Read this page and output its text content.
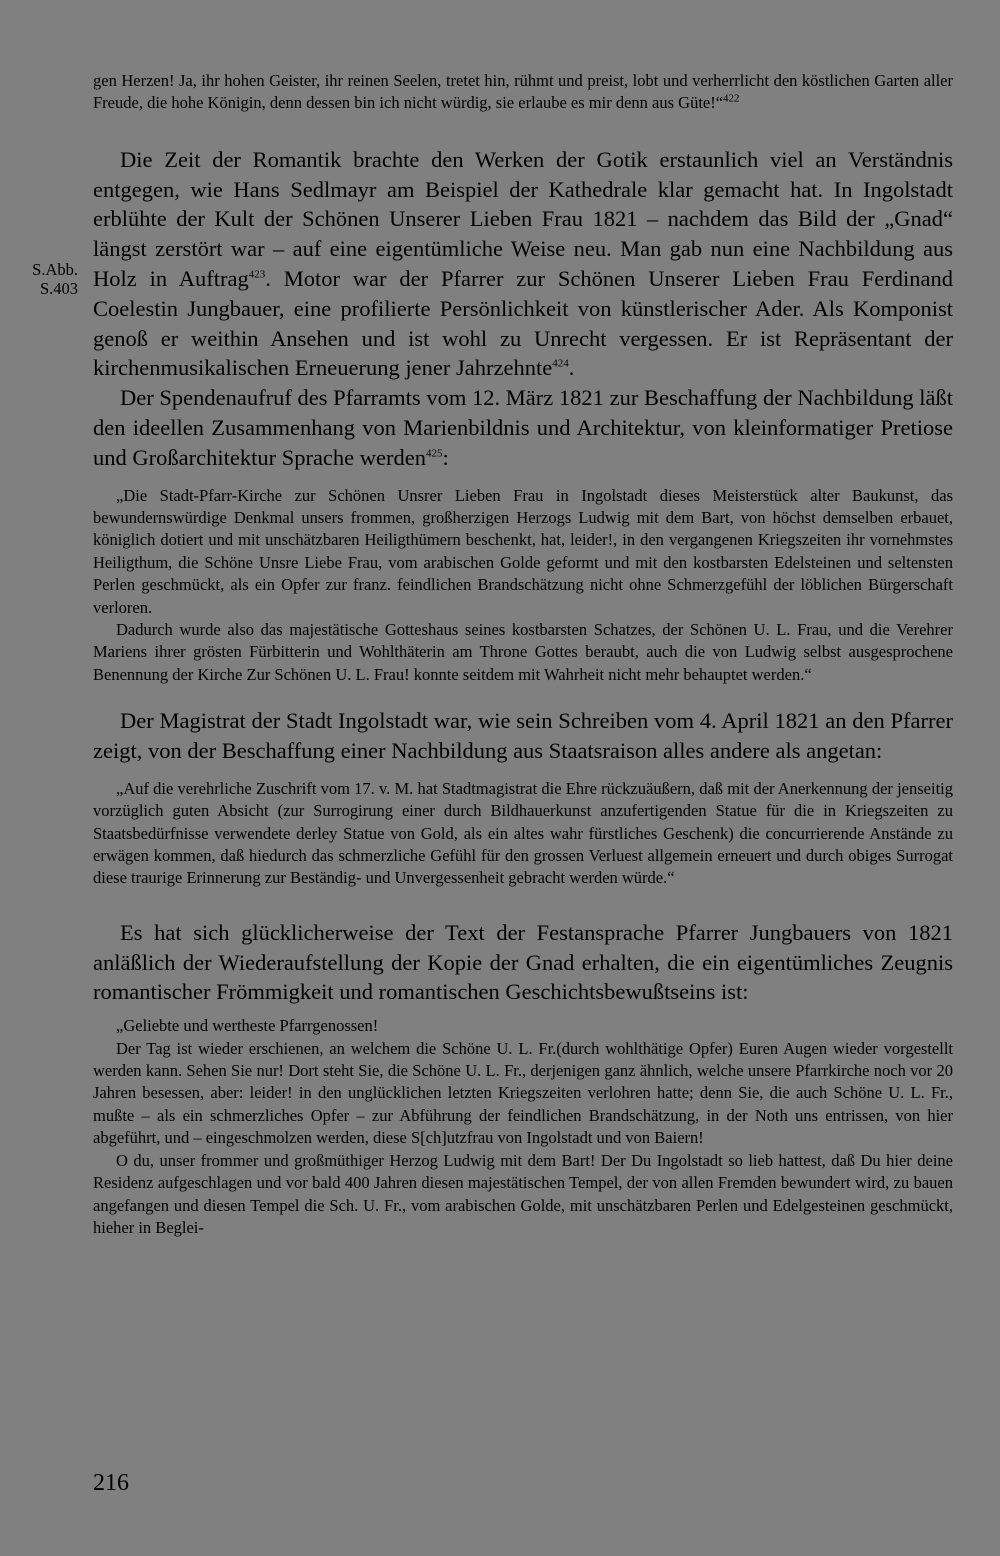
S.Abb.
S.403

gen Herzen! Ja, ihr hohen Geister, ihr reinen Seelen, tretet hin, rühmt und preist, lobt und verherrlicht den köstlichen Garten aller Freude, die hohe Königin, denn dessen bin ich nicht würdig, sie erlaube es mir denn aus Güte!“$^{422}$

Die Zeit der Romantik brachte den Werken der Gotik erstaunlich viel an Verständnis entgegen, wie Hans Sedlmayr am Beispiel der Kathedrale klar gemacht hat. In Ingolstadt erblühte der Kult der Schönen Unserer Lieben Frau 1821 – nachdem das Bild der „Gnad“ längst zerstört war – auf eine eigentümliche Weise neu. Man gab nun eine Nachbildung aus Holz in Auftrag$^{423}$. Motor war der Pfarrer zur Schönen Unserer Lieben Frau Ferdinand Coelestin Jungbauer, eine profilierte Persönlichkeit von künstlerischer Ader. Als Komponist genoß er weithin Ansehen und ist wohl zu Unrecht vergessen. Er ist Repräsentant der kirchenmusikalischen Erneuerung jener Jahrzehnte$^{424}$.

Der Spendenaufruf des Pfarramts vom 12. März 1821 zur Beschaffung der Nachbildung läßt den ideellen Zusammenhang von Marienbildnis und Architektur, von kleinformatiger Pretiose und Großarchitektur Sprache werden$^{425}$:

„Die Stadt-Pfarr-Kirche zur Schönen Unsrer Lieben Frau in Ingolstadt dieses Meisterstück alter Baukunst, das bewundernswürdige Denkmal unsers frommen, großherzigen Herzogs Ludwig mit dem Bart, von höchst demselben erbauet, königlich dotiert und mit unschätzbaren Heiligthümern beschenkt, hat, leider!, in den vergangenen Kriegszeiten ihr vornehmstes Heiligthum, die Schöne Unsre Liebe Frau, vom arabischen Golde geformt und mit den kostbarsten Edelsteinen und seltensten Perlen geschmückt, als ein Opfer zur franz. feindlichen Brandschätzung nicht ohne Schmerzgefühl der löblichen Bürgerschaft verloren.

Dadurch wurde also das majestätische Gotteshaus seines kostbarsten Schatzes, der Schönen U. L. Frau, und die Verehrer Mariens ihrer grösten Fürbitterin und Wohlthäterin am Throne Gottes beraubt, auch die von Ludwig selbst ausgesprochene Benennung der Kirche Zur Schönen U. L. Frau! konnte seitdem mit Wahrheit nicht mehr behauptet werden.“

Der Magistrat der Stadt Ingolstadt war, wie sein Schreiben vom 4. April 1821 an den Pfarrer zeigt, von der Beschaffung einer Nachbildung aus Staatsraison alles andere als angetan:

„Auf die verehrliche Zuschrift vom 17. v. M. hat Stadtmagistrat die Ehre rückzuäußern, daß mit der Anerkennung der jenseitig vorzüglich guten Absicht (zur Surrogirung einer durch Bildhauerkunst anzufertigenden Statue für die in Kriegszeiten zu Staatsbedürfnisse verwendete derley Statue von Gold, als ein altes wahr fürstliches Geschenk) die concurrierende Anstände zu erwägen kommen, daß hiedurch das schmerzliche Gefühl für den grossen Verluest allgemein erneuert und durch obiges Surrogat diese traurige Erinnerung zur Beständig- und Unvergessenheit gebracht werden würde.“

Es hat sich glücklicherweise der Text der Festansprache Pfarrer Jungbauers von 1821 anläßlich der Wiederaufstellung der Kopie der Gnad erhalten, die ein eigentümliches Zeugnis romantischer Frömmigkeit und romantischen Geschichtsbewußtseins ist:

„Geliebte und wertheste Pfarrgenossen!

Der Tag ist wieder erschienen, an welchem die Schöne U. L. Fr.(durch wohlthätige Opfer) Euren Augen wieder vorgestellt werden kann. Sehen Sie nur! Dort steht Sie, die Schöne U. L. Fr., derjenigen ganz ähnlich, welche unsere Pfarrkirche noch vor 20 Jahren besessen, aber: leider! in den unglücklichen letzten Kriegszeiten verlohren hatte; denn Sie, die auch Schöne U. L. Fr., mußte – als ein schmerzliches Opfer – zur Abführung der feindlichen Brandschätzung, in der Noth uns entrissen, von hier abgeführt, und – eingeschmolzen werden, diese S[ch]utzfrau von Ingolstadt und von Baiern!

O du, unser frommer und großmüthiger Herzog Ludwig mit dem Bart! Der Du Ingolstadt so lieb hattest, daß Du hier deine Residenz aufgeschlagen und vor bald 400 Jahren diesen majestätischen Tempel, der von allen Fremden bewundert wird, zu bauen angefangen und diesen Tempel die Sch. U. Fr., vom arabischen Golde, mit unschätzbaren Perlen und Edelgesteinen geschmückt, hieher in Beglei-

216
